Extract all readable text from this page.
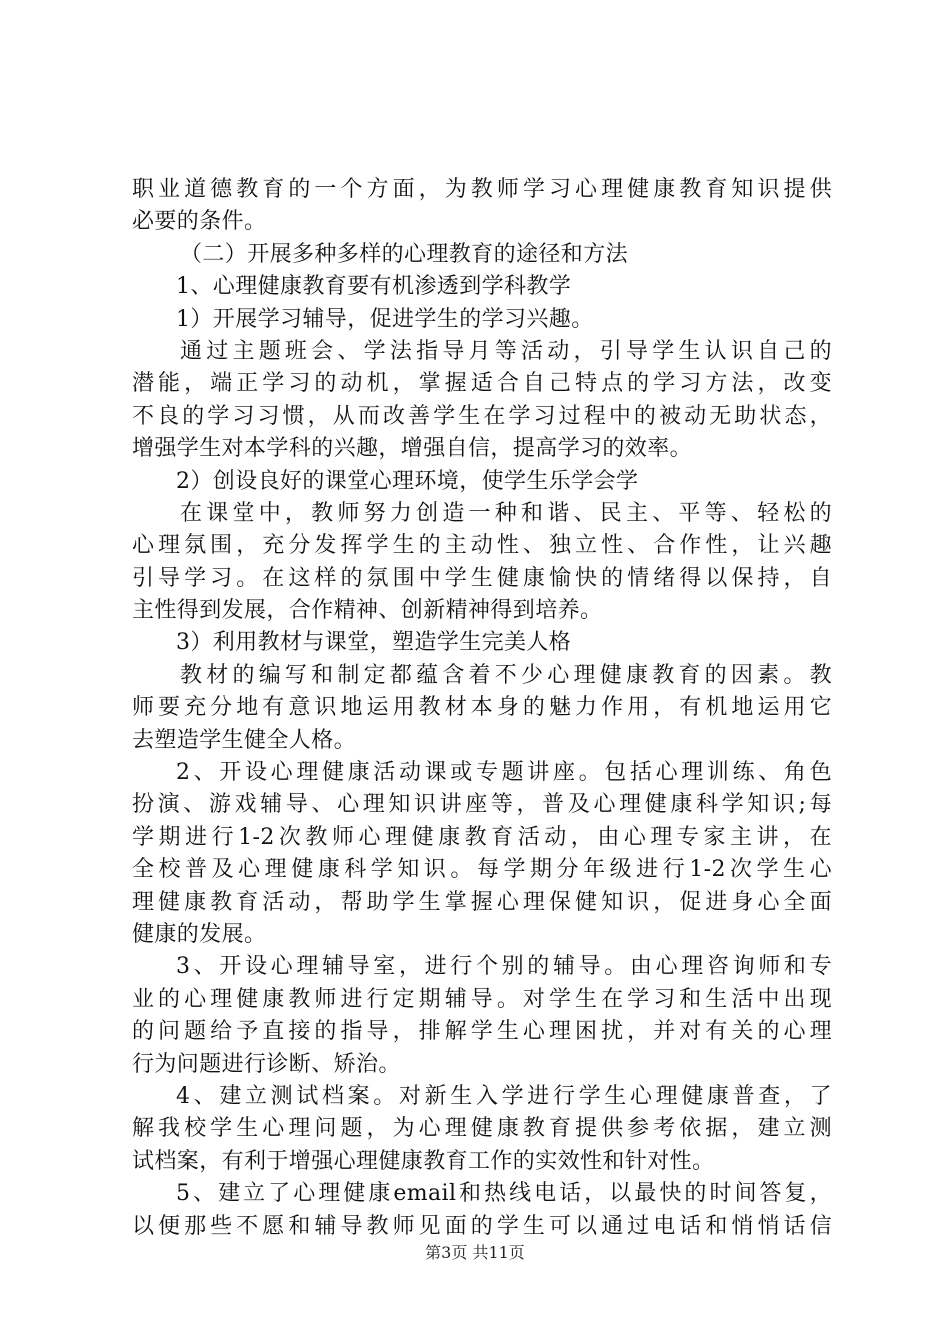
职业道德教育的一个方面，为教师学习心理健康教育知识提供
必要的条件。
（二）开展多种多样的心理教育的途径和方法
1、心理健康教育要有机渗透到学科教学
1）开展学习辅导，促进学生的学习兴趣。
通过主题班会、学法指导月等活动，引导学生认识自己的
潜能，端正学习的动机，掌握适合自己特点的学习方法，改变
不良的学习习惯，从而改善学生在学习过程中的被动无助状态，
增强学生对本学科的兴趣，增强自信，提高学习的效率。
2）创设良好的课堂心理环境，使学生乐学会学
在课堂中，教师努力创造一种和谐、民主、平等、轻松的
心理氛围，充分发挥学生的主动性、独立性、合作性，让兴趣
引导学习。在这样的氛围中学生健康愉快的情绪得以保持，自
主性得到发展，合作精神、创新精神得到培养。
3）利用教材与课堂，塑造学生完美人格
教材的编写和制定都蕴含着不少心理健康教育的因素。教
师要充分地有意识地运用教材本身的魅力作用，有机地运用它
去塑造学生健全人格。
2、开设心理健康活动课或专题讲座。包括心理训练、角色
扮演、游戏辅导、心理知识讲座等，普及心理健康科学知识;每
学期进行1-2次教师心理健康教育活动，由心理专家主讲，在
全校普及心理健康科学知识。每学期分年级进行1-2次学生心
理健康教育活动，帮助学生掌握心理保健知识，促进身心全面
健康的发展。
3、开设心理辅导室，进行个别的辅导。由心理咨询师和专
业的心理健康教师进行定期辅导。对学生在学习和生活中出现
的问题给予直接的指导，排解学生心理困扰，并对有关的心理
行为问题进行诊断、矫治。
4、建立测试档案。对新生入学进行学生心理健康普查，了
解我校学生心理问题，为心理健康教育提供参考依据，建立测
试档案，有利于增强心理健康教育工作的实效性和针对性。
5、建立了心理健康email和热线电话，以最快的时间答复，
以便那些不愿和辅导教师见面的学生可以通过电话和悄悄话信
第3页 共11页
